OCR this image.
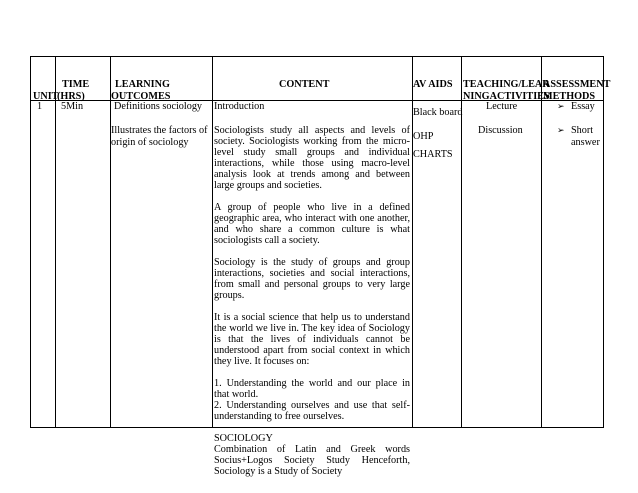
UNIT
TIME
(HRS)
LEARNING
OUTCOMES
CONTENT	AV AIDS TEACHING/LEAR
NINGACTIVITIES
ASSESSMENT
METHODS
1 5Min	Definitions sociology
Illustrates the factors of
origin of sociology
Introduction

Sociologists study all aspects and levels of society. Sociologists working from the micro-level study small groups and individual interactions, while those using macro-level analysis look at trends among and between large groups and societies.

A group of people who live in a defined geographic area, who interact with one another, and who share a common culture is what sociologists call a society.

Sociology is the study of groups and group interactions, societies and social interactions, from small and personal groups to very large groups.

It is a social science that help us to understand the world we live in. The key idea of Sociology is that the lives of individuals cannot be understood apart from social context in which they live. It focuses on:

1. Understanding the world and our place in that world.
2. Understanding ourselves and use that self-understanding to free ourselves.

SOCIOLOGY
Combination of Latin and Greek words Socius+Logos Society Study Henceforth, Sociology is a Study of Society

Black board
OHP
CHARTS
Lecture
Discussion
➢ Essay
➢ Short
answer
